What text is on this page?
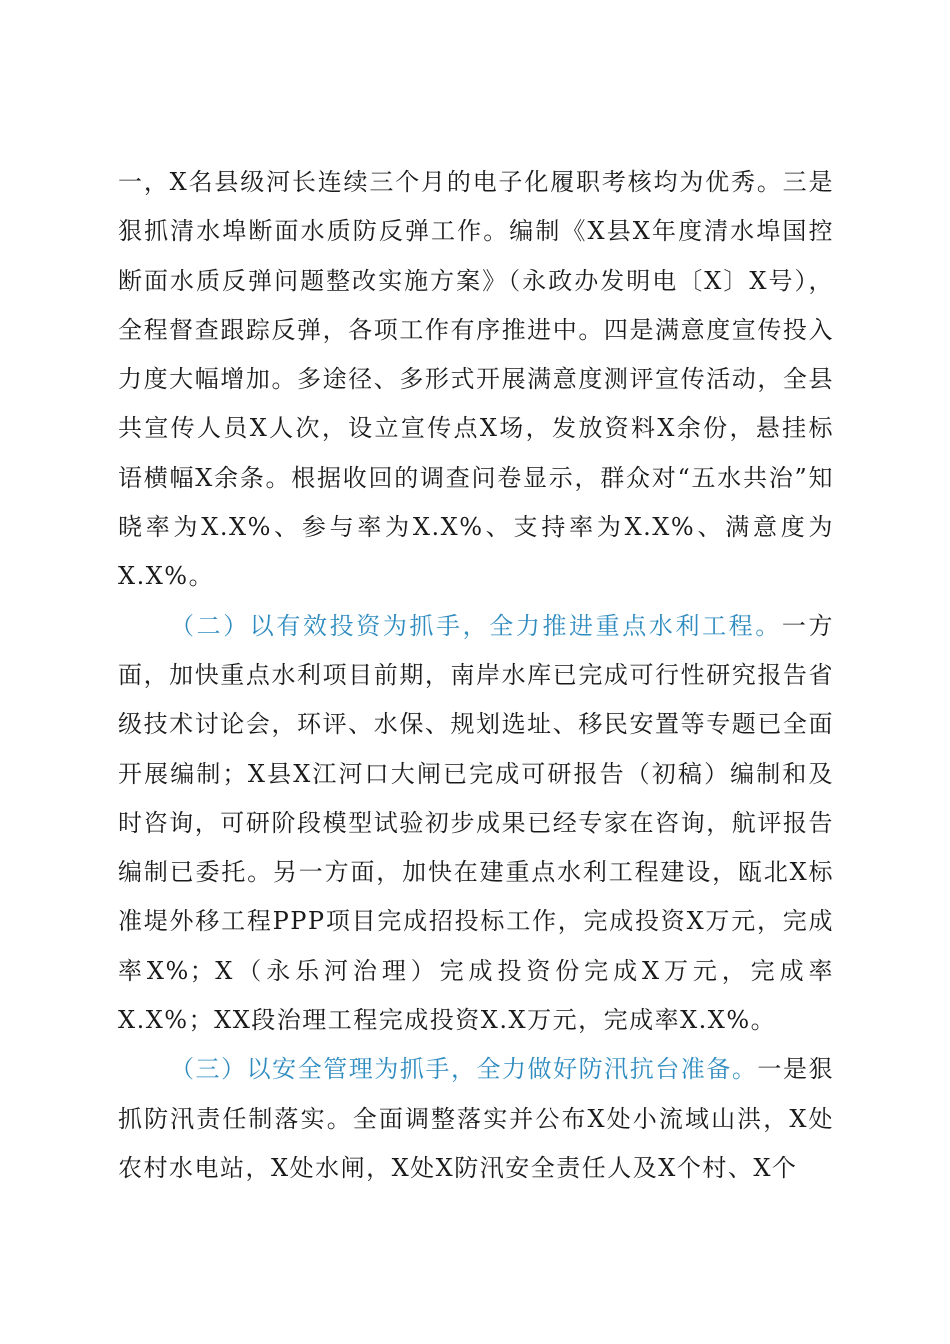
一，X名县级河长连续三个月的电子化履职考核均为优秀。三是狠抓清水埠断面水质防反弹工作。编制《X县X年度清水埠国控断面水质反弹问题整改实施方案》（永政办发明电〔X〕X号），全程督查跟踪反弹，各项工作有序推进中。四是满意度宣传投入力度大幅增加。多途径、多形式开展满意度测评宣传活动，全县共宣传人员X人次，设立宣传点X场，发放资料X余份，悬挂标语横幅X余条。根据收回的调查问卷显示，群众对“五水共治”知晓率为X.X%、参与率为X.X%、支持率为X.X%、满意度为X.X%。

（二）以有效投资为抓手，全力推进重点水利工程。一方面，加快重点水利项目前期，南岸水库已完成可行性研究报告省级技术讨论会，环评、水保、规划选址、移民安置等专题已全面开展编制；X县X江河口大闸已完成可研报告（初稿）编制和及时咨询，可研阶段模型试验初步成果已经专家在咨询，航评报告编制已委托。另一方面，加快在建重点水利工程建设，瓯北X标准堤外移工程PPP项目完成招投标工作，完成投资X万元，完成率X%；X（永乐河治理）完成投资份完成X万元，完成率X.X%；XX段治理工程完成投资X.X万元，完成率X.X%。

（三）以安全管理为抓手，全力做好防汛抗台准备。一是狠抓防汛责任制落实。全面调整落实并公布X处小流域山洪，X处农村水电站，X处水闸，X处X防汛安全责任人及X个村、X个
